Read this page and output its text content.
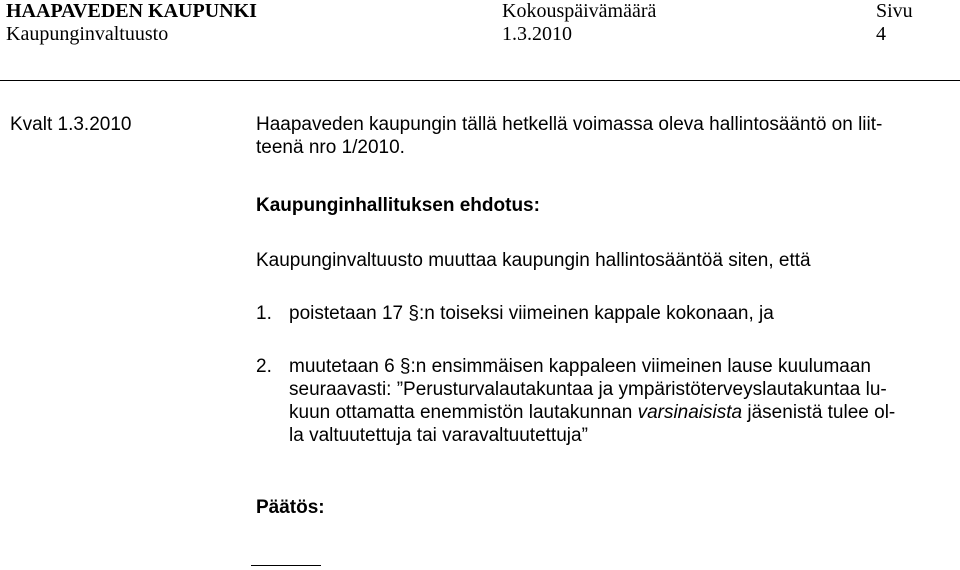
HAAPAVEDEN KAUPUNKI
Kaupunginvaltuusto
Kokouspäivämäärä
1.3.2010
Sivu
4
Kvalt 1.3.2010	Haapaveden kaupungin tällä hetkellä voimassa oleva hallintosääntö on liit-
teenä nro 1/2010.
Kaupunginhallituksen ehdotus:
Kaupunginvaltuusto muuttaa kaupungin hallintosääntöä siten, että
1. poistetaan 17 §:n toiseksi viimeinen kappale kokonaan, ja
2. muutetaan 6 §:n ensimmäisen kappaleen viimeinen lause kuulumaan
seuraavasti: ”Perusturvalautakuntaa ja ympäristöterveyslautakuntaa lu-
kuun ottamatta enemmistön lautakunnan varsinaisista jäsenistä tulee ol-
la valtuutettuja tai varavaltuutettuja”
Päätös:
